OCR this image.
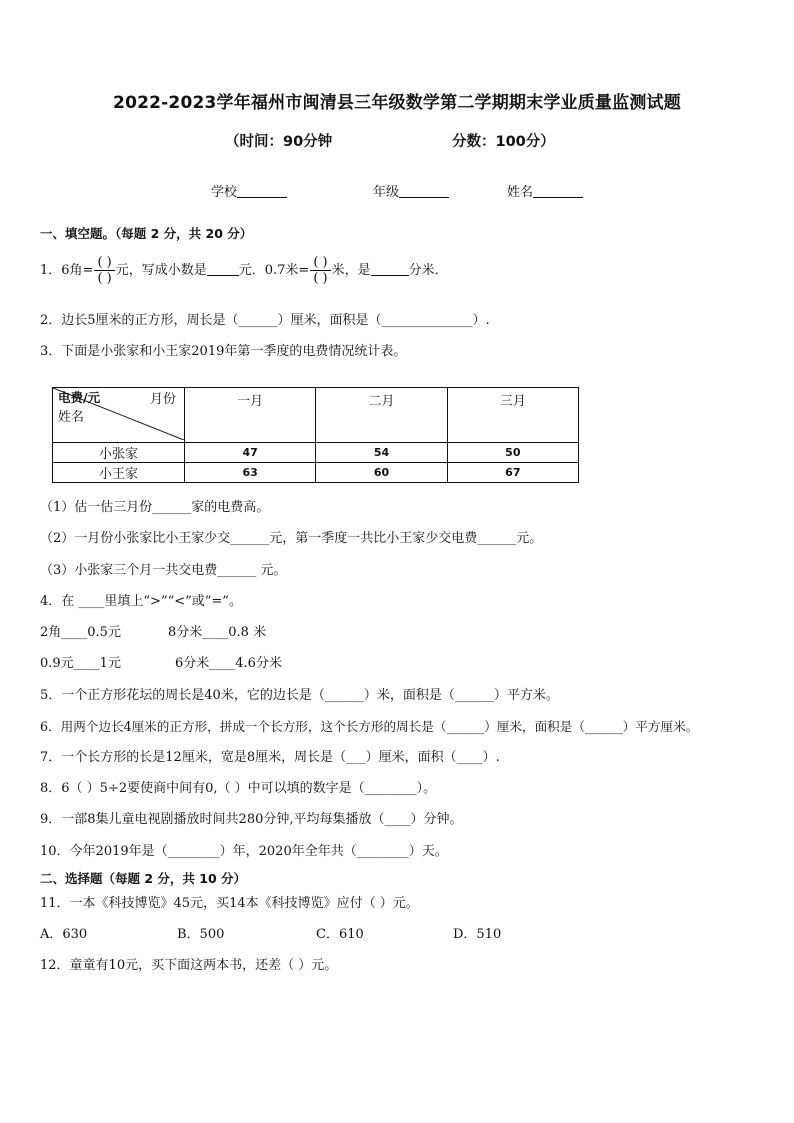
2022-2023学年福州市闽清县三年级数学第二学期期末学业质量监测试题
（时间：90分钟	分数：100分）
学校	年级	姓名
一、填空题。（每题 2 分，共 20 分）
1．6角= $\frac{( )}{( )}$ 元，写成小数是 元．0.7米= $\frac{( )}{( )}$ 米，是	分米．
2．边长5厘米的正方形，周长是（______）厘米，面积是（______________）.
3．下面是小张家和小王家2019年第一季度的电费情况统计表。
电费/元 月份
姓名	一月	二月	三月
小张家	47	54	50
小王家	63	60	67
（1）估一估三月份______家的电费高。
（2）一月份小张家比小王家少交______元，第一季度一共比小王家少交电费______元。
（3）小张家三个月一共交电费______ 元。
4．在 ____里填上“>”“<”或“=”。
2角____0.5元	8分米____0.8 米
0.9元____1元	6分米____4.6分米
5．一个正方形花坛的周长是40米，它的边长是（______）米，面积是（______）平方米。
6．用两个边长4厘米的正方形，拼成一个长方形，这个长方形的周长是（______）厘米，面积是（______）平方厘米。
7．一个长方形的长是12厘米，宽是8厘米，周长是（___）厘米，面积（____）.
8．6（ ）5÷2要使商中间有0,（ ）中可以填的数字是（________）。
9．一部8集儿童电视剧播放时间共280分钟,平均每集播放（____）分钟。
10．今年2019年是（________）年，2020年全年共（________）天。
二、选择题（每题 2 分，共 10 分）
11．一本《科技博览》45元，买14本《科技博览》应付（ ）元。
A．630	B．500	C．610	D．510
12．童童有10元，买下面这两本书，还差（ ）元。
